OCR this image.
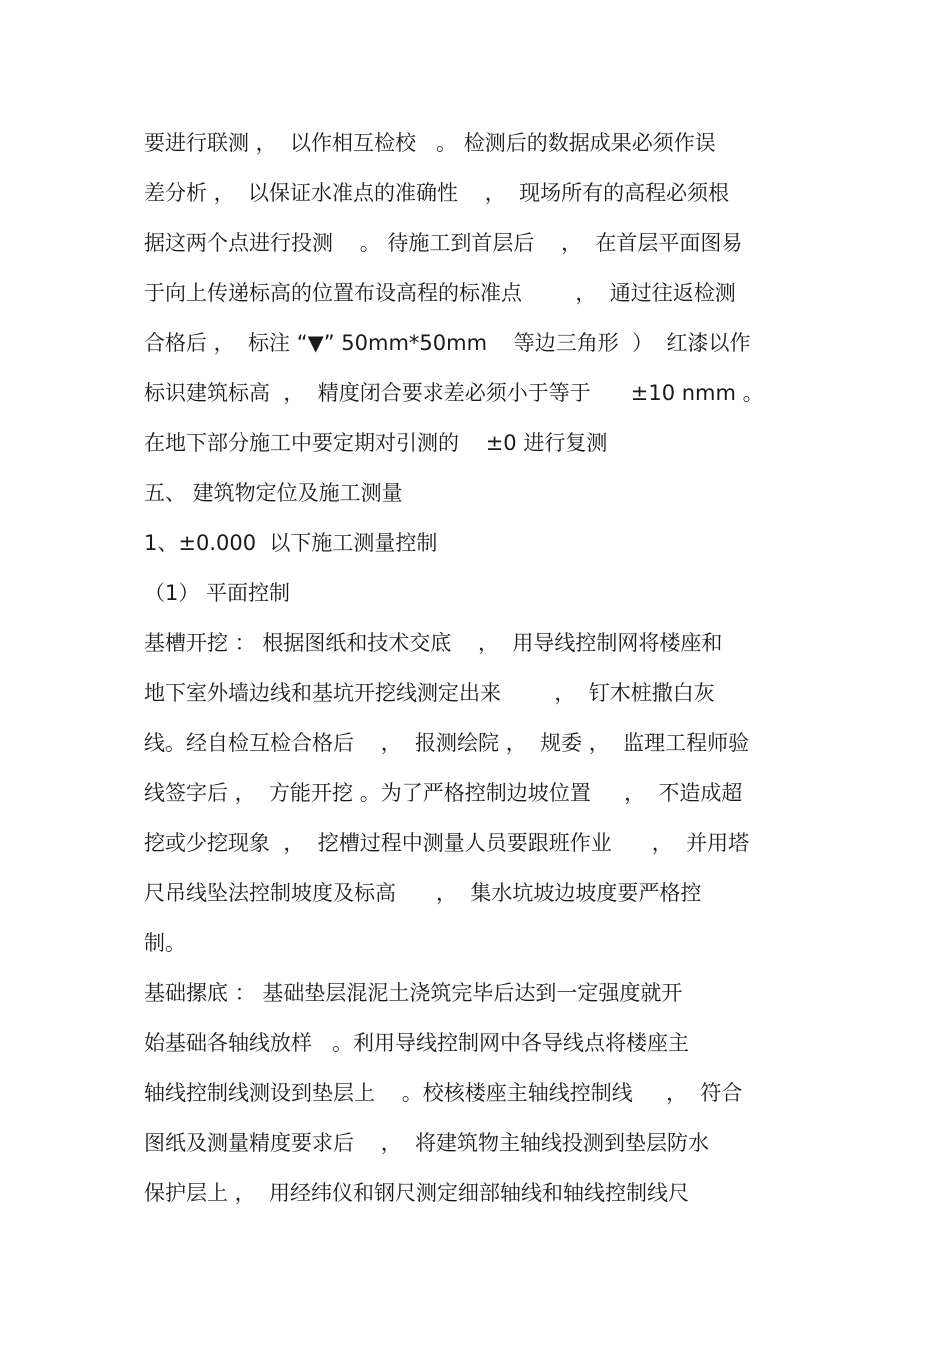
要进行联测 ，  以作相互检校   。 检测后的数据成果必须作误
差分析 ，  以保证水准点的准确性    ，  现场所有的高程必须根
据这两个点进行投测    。 待施工到首层后    ，  在首层平面图易
于向上传递标高的位置布设高程的标准点        ，  通过往返检测
合格后 ，  标注 “▼” 50mm*50mm    等边三角形  ）  红漆以作
标识建筑标高  ，  精度闭合要求差必须小于等于      ±10 nmm 。
在地下部分施工中要定期对引测的    ±0 进行复测
五、 建筑物定位及施工测量
1、±0.000  以下施工测量控制
（1） 平面控制
基槽开挖 ： 根据图纸和技术交底    ，  用导线控制网将楼座和
地下室外墙边线和基坑开挖线测定出来        ，  钉木桩撒白灰
线。经自检互检合格后    ，  报测绘院 ，  规委 ，  监理工程师验
线签字后 ，  方能开挖 。为了严格控制边坡位置     ，  不造成超
挖或少挖现象  ，  挖槽过程中测量人员要跟班作业      ，  并用塔
尺吊线坠法控制坡度及标高      ，  集水坑坡边坡度要严格控
制。
基础摞底 ： 基础垫层混泥土浇筑完毕后达到一定强度就开
始基础各轴线放样   。利用导线控制网中各导线点将楼座主
轴线控制线测设到垫层上    。校核楼座主轴线控制线     ，  符合
图纸及测量精度要求后    ，  将建筑物主轴线投测到垫层防水
保护层上 ，  用经纬仪和钢尺测定细部轴线和轴线控制线尺
